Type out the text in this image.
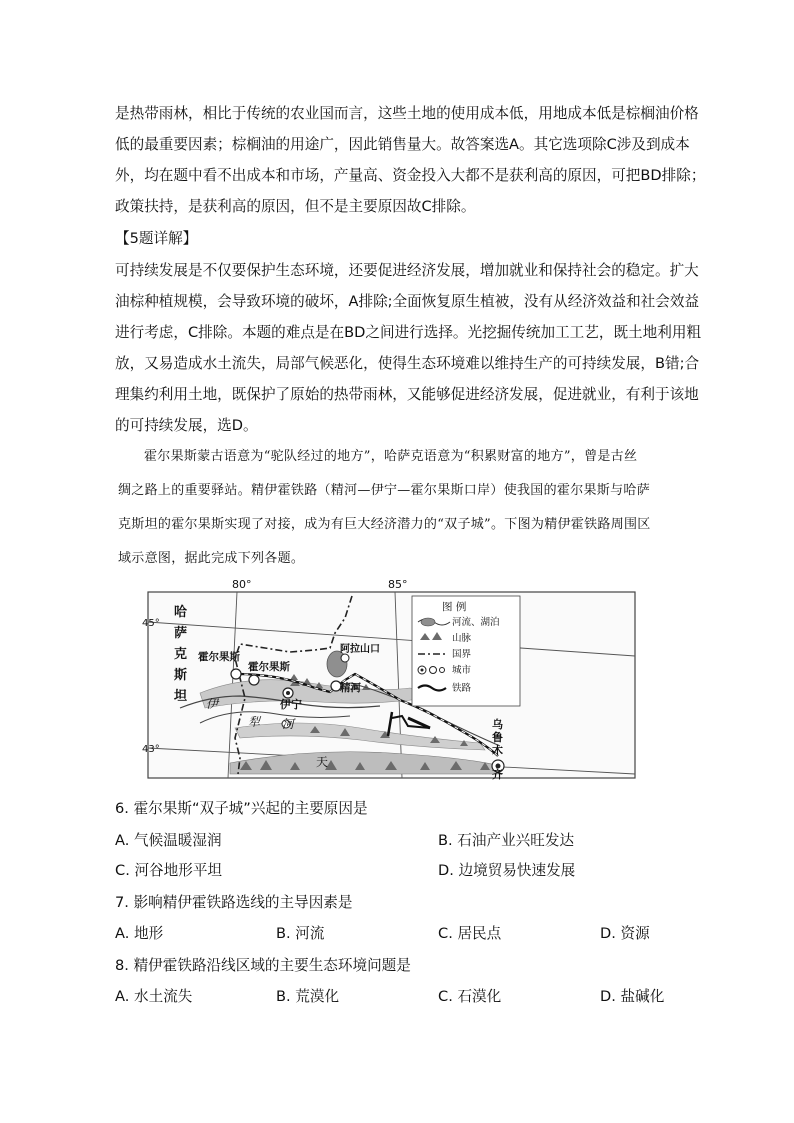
是热带雨林，相比于传统的农业国而言，这些土地的使用成本低，用地成本低是棕榈油价格
低的最重要因素；棕榈油的用途广，因此销售量大。故答案选A。其它选项除C涉及到成本
外，均在题中看不出成本和市场，产量高、资金投入大都不是获利高的原因，可把BD排除；
政策扶持，是获利高的原因，但不是主要原因故C排除。

【5题详解】

可持续发展是不仅要保护生态环境，还要促进经济发展，增加就业和保持社会的稳定。扩大
油棕种植规模，会导致环境的破坏，A排除;全面恢复原生植被，没有从经济效益和社会效益
进行考虑，C排除。本题的难点是在BD之间进行选择。光挖掘传统加工工艺，既土地利用粗
放，又易造成水土流失，局部气候恶化，使得生态环境难以维持生产的可持续发展，B错;合
理集约利用土地，既保护了原始的热带雨林，又能够促进经济发展，促进就业，有利于该地
的可持续发展，选D。

霍尔果斯蒙古语意为“驼队经过的地方”，哈萨克语意为“积累财富的地方”，曾是古丝
绸之路上的重要驿站。精伊霍铁路（精河—伊宁—霍尔果斯口岸）使我国的霍尔果斯与哈萨
克斯坦的霍尔果斯实现了对接，成为有巨大经济潜力的“双子城”。下图为精伊霍铁路周围区
域示意图，据此完成下列各题。

80°	85°
45°
43°
哈
萨
克
斯
坦
霍尔果斯
霍尔果斯
伊宁
精河
阿拉山口
伊
犁 河
天
乌
鲁
木
齐
图 例
河流、湖泊
山脉
国界
城市
铁路
6. 霍尔果斯“双子城”兴起的主要原因是
A. 气候温暖湿润	B. 石油产业兴旺发达
C. 河谷地形平坦	D. 边境贸易快速发展
7. 影响精伊霍铁路选线的主导因素是
A. 地形	B. 河流	C. 居民点	D. 资源
8. 精伊霍铁路沿线区域的主要生态环境问题是
A. 水土流失	B. 荒漠化	C. 石漠化	D. 盐碱化
